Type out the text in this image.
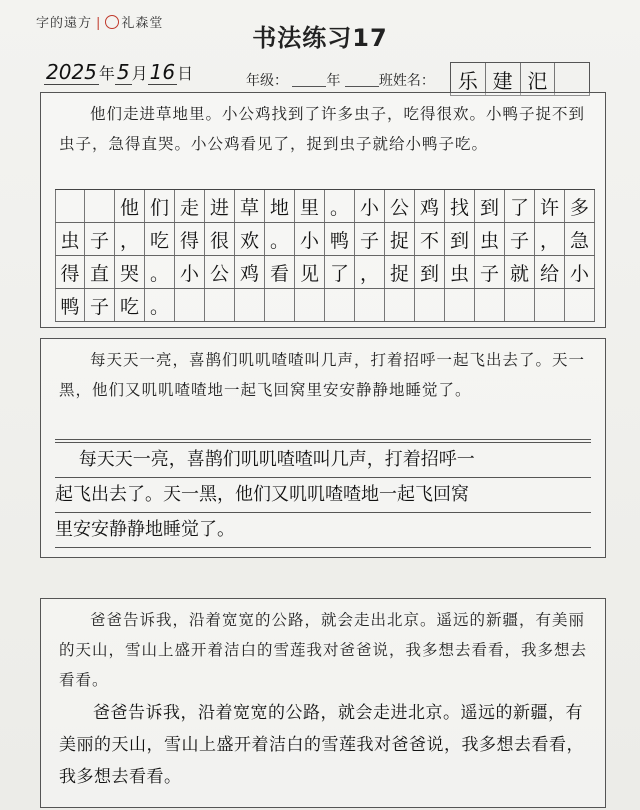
字的遠方 | 礼森堂
书法练习17
2025 年 5 月 16 日	年级：	年	班姓名：	乐 建 汜
他们走进草地里。小公鸡找到了许多虫子，吃得很欢。小鸭子捉不到虫子，急得直哭。小公鸡看见了，捉到虫子就给小鸭子吃。
他 们 走 进 草 地 里 。 小 公 鸡 找 到 了 许 多
虫 子 ， 吃 得 很 欢 。 小 鸭 子 捉 不 到 虫 子 ， 急
得 直 哭 。 小 公 鸡 看 见 了 ， 捉 到 虫 子 就 给 小
鸭 子 吃 。
每天天一亮，喜鹊们叽叽喳喳叫几声，打着招呼一起飞出去了。天一黑，他们又叽叽喳喳地一起飞回窝里安安静静地睡觉了。
　 每天天一亮，喜鹊们叽叽喳喳叫几声，打着招呼一
起飞出去了。天一黑，他们又叽叽喳喳地一起飞回窝
里安安静静地睡觉了。
爸爸告诉我，沿着宽宽的公路，就会走出北京。遥远的新疆，有美丽的天山，雪山上盛开着洁白的雪莲我对爸爸说，我多想去看看，我多想去看看。
爸爸告诉我，沿着宽宽的公路，就会走进北京。遥远的新疆，有美丽的天山，雪山上盛开着洁白的雪莲我对爸爸说，我多想去看看，我多想去看看。
